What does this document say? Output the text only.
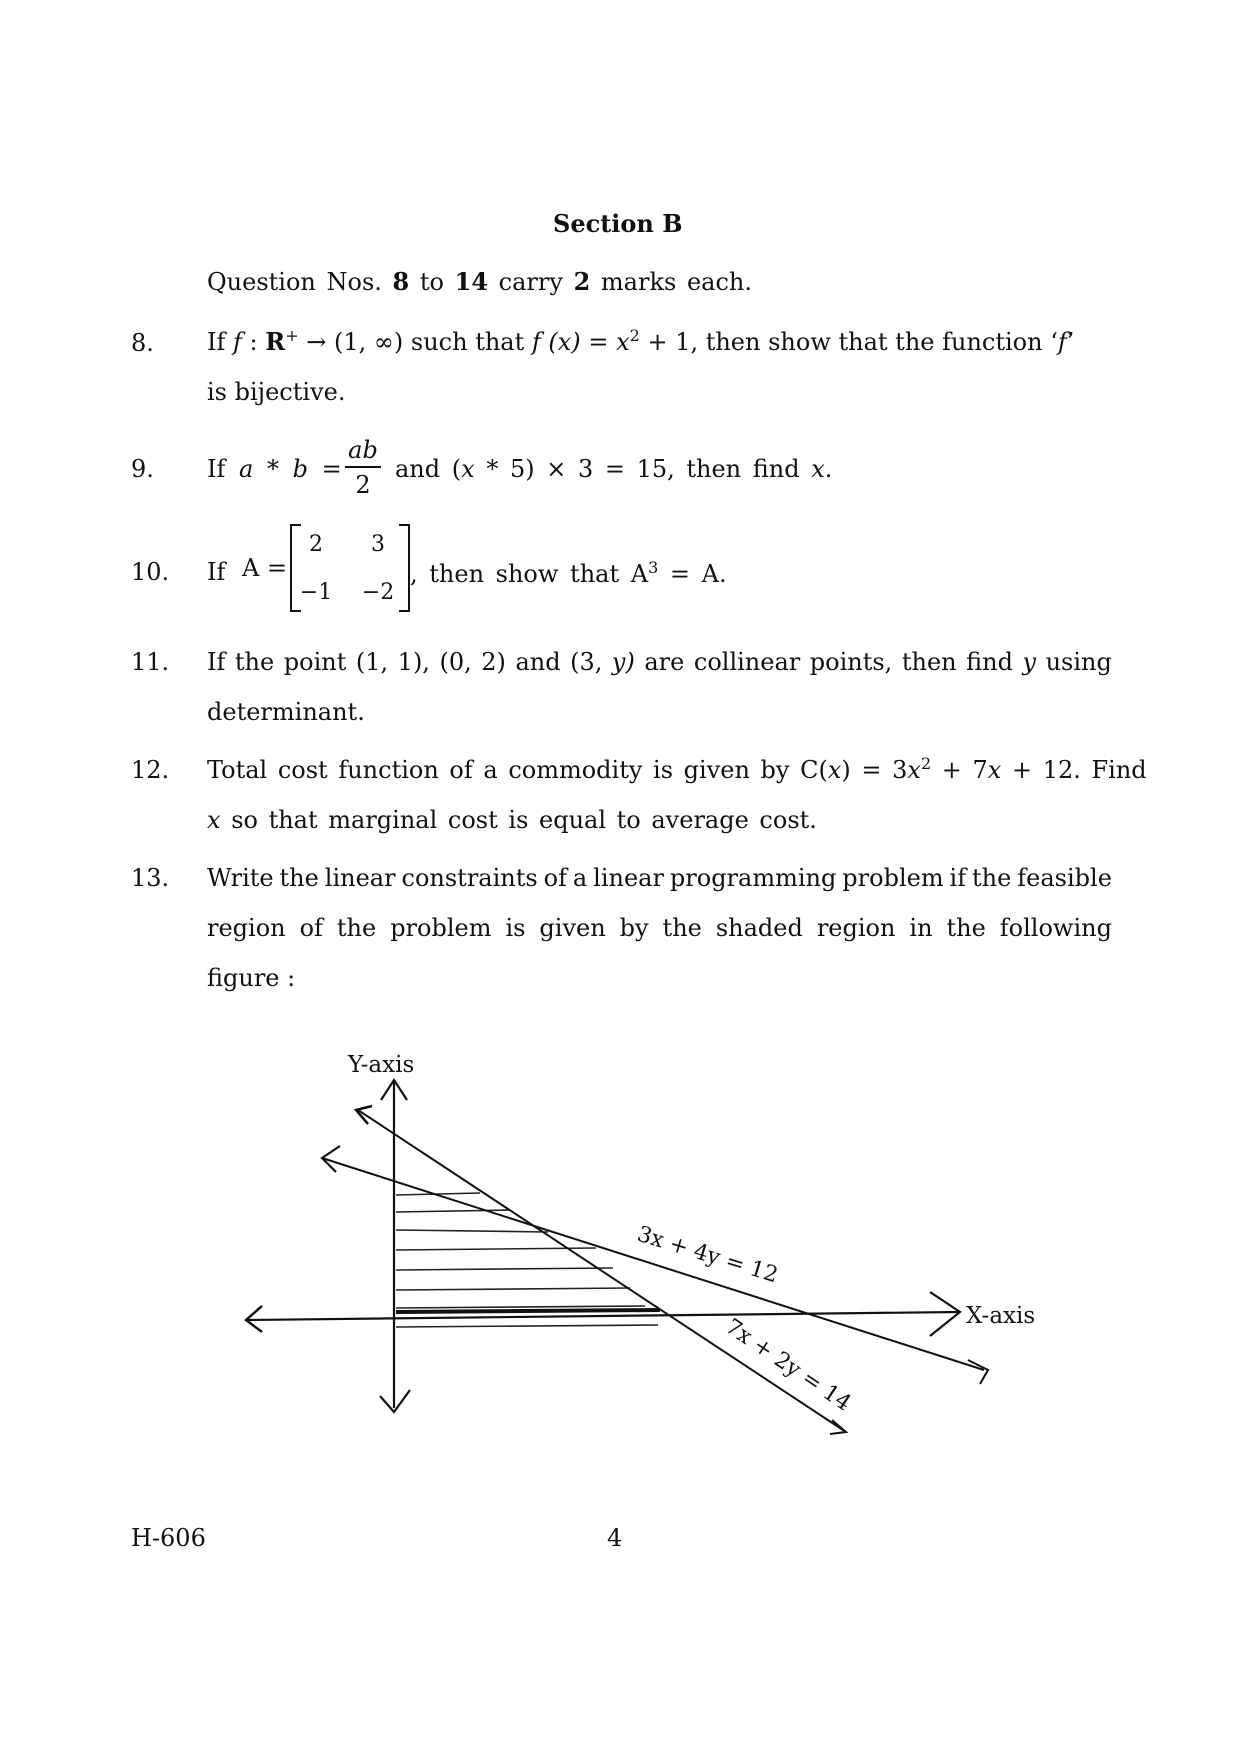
Section B
Question Nos. 8 to 14 carry 2 marks each.
8. If f : R+ → (1, ∞) such that f $(x) = x^2 + 1$, then show that the function ‘f’
is bijective.
9. If a * b =
ab
2
and (x * 5) × 3 = 15, then find x.
10. If A =
2	3
−1 −2
, then show that $A^3 = A$.
11. If the point (1, 1), (0, 2) and (3, y) are collinear points, then find y using
determinant.
12. Total cost function of a commodity is given by $C(x) = 3x^2 + 7x + 12$. Find
x so that marginal cost is equal to average cost.
13. Write the linear constraints of a linear programming problem if the feasible
region of the problem is given by the shaded region in the following
figure :
Y-axis
X-axis
3x + 4y = 12
7x + 2y = 14
H-606	4
